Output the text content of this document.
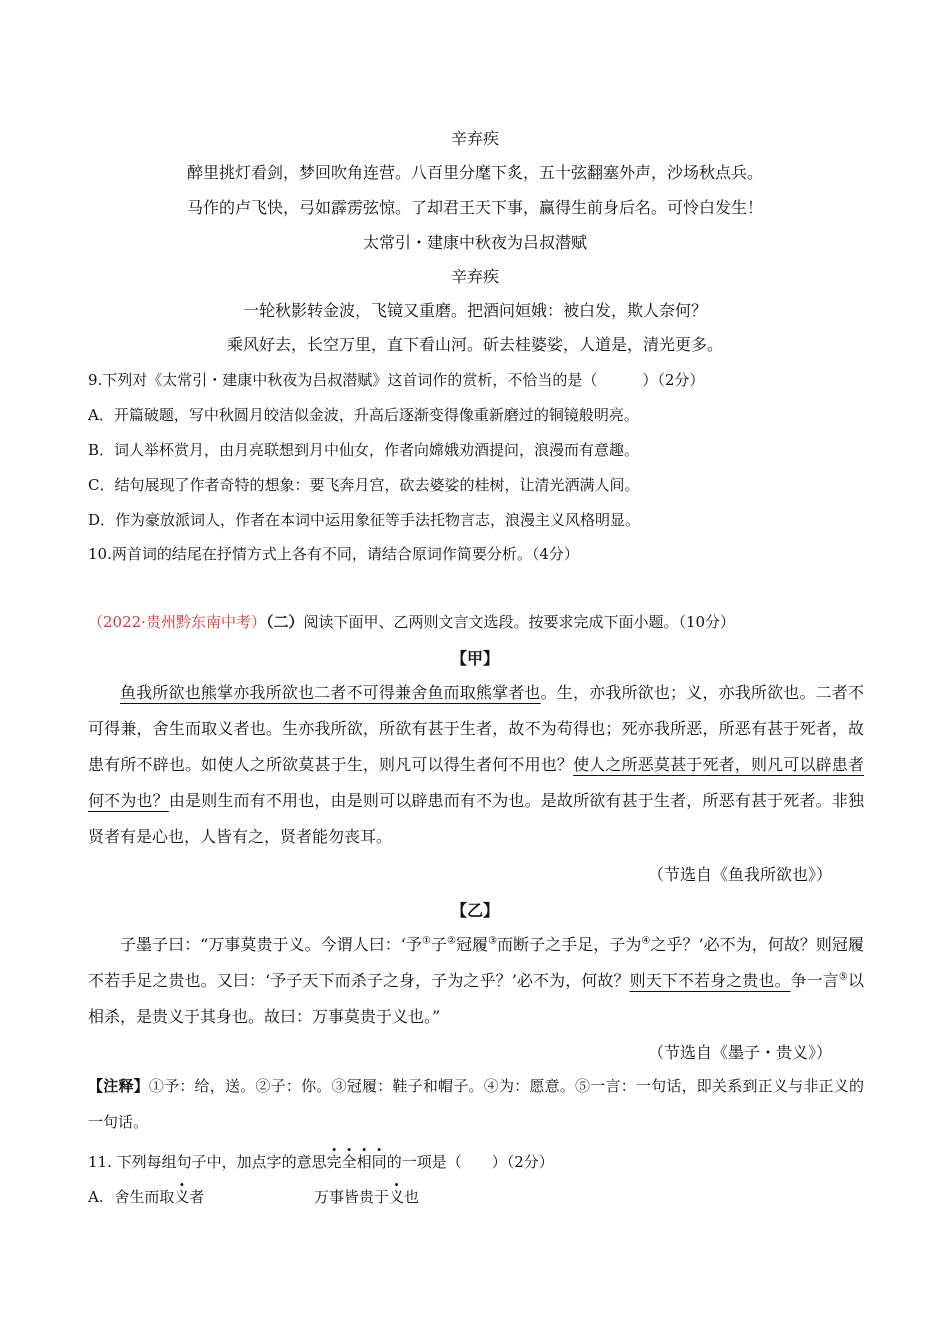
辛弃疾
醉里挑灯看剑，梦回吹角连营。八百里分麾下炙，五十弦翻塞外声，沙场秋点兵。
马作的卢飞快，弓如霹雳弦惊。了却君王天下事，赢得生前身后名。可怜白发生！
太常引・建康中秋夜为吕叔潜赋
辛弃疾
一轮秋影转金波，飞镜又重磨。把酒问姮娥：被白发，欺人奈何？
乘风好去，长空万里，直下看山河。斫去桂婆娑，人道是，清光更多。
9.下列对《太常引・建康中秋夜为吕叔潜赋》这首词作的赏析，不恰当的是（　　　）（2分）
A．开篇破题，写中秋圆月皎洁似金波，升高后逐渐变得像重新磨过的铜镜般明亮。
B．词人举杯赏月，由月亮联想到月中仙女，作者向嫦娥劝酒提问，浪漫而有意趣。
C．结句展现了作者奇特的想象：要飞奔月宫，砍去婆娑的桂树，让清光洒满人间。
D．作为豪放派词人，作者在本词中运用象征等手法托物言志，浪漫主义风格明显。
10.两首词的结尾在抒情方式上各有不同，请结合原词作简要分析。（4分）
（2022·贵州黔东南中考）（二）阅读下面甲、乙两则文言文选段。按要求完成下面小题。（10分）
【甲】
鱼我所欲也熊掌亦我所欲也二者不可得兼舍鱼而取熊掌者也。生，亦我所欲也；义，亦我所欲也。二者不可得兼，舍生而取义者也。生亦我所欲，所欲有甚于生者，故不为苟得也；死亦我所恶，所恶有甚于死者，故患有所不辟也。如使人之所欲莫甚于生，则凡可以得生者何不用也？使人之所恶莫甚于死者，则凡可以辟患者何不为也？由是则生而有不用也，由是则可以辟患而有不为也。是故所欲有甚于生者，所恶有甚于死者。非独贤者有是心也，人皆有之，贤者能勿丧耳。
（节选自《鱼我所欲也》）
【乙】
子墨子曰：“万事莫贵于义。今谓人曰：‘予①子②冠履③而断子之手足，子为④之乎？’必不为，何故？则冠履不若手足之贵也。又曰：‘予子天下而杀子之身，子为之乎？’必不为，何故？则天下不若身之贵也。争一言⑤以相杀，是贵义于其身也。故曰：万事莫贵于义也。”
（节选自《墨子・贵义》）
【注释】①予：给，送。②子：你。③冠履：鞋子和帽子。④为：愿意。⑤一言：一句话，即关系到正义与非正义的一句话。
11. 下列每组句子中，加点字的意思完全相同的一项是（　　）（2分）
A. 舍生而取义者	万事皆贵于义也
